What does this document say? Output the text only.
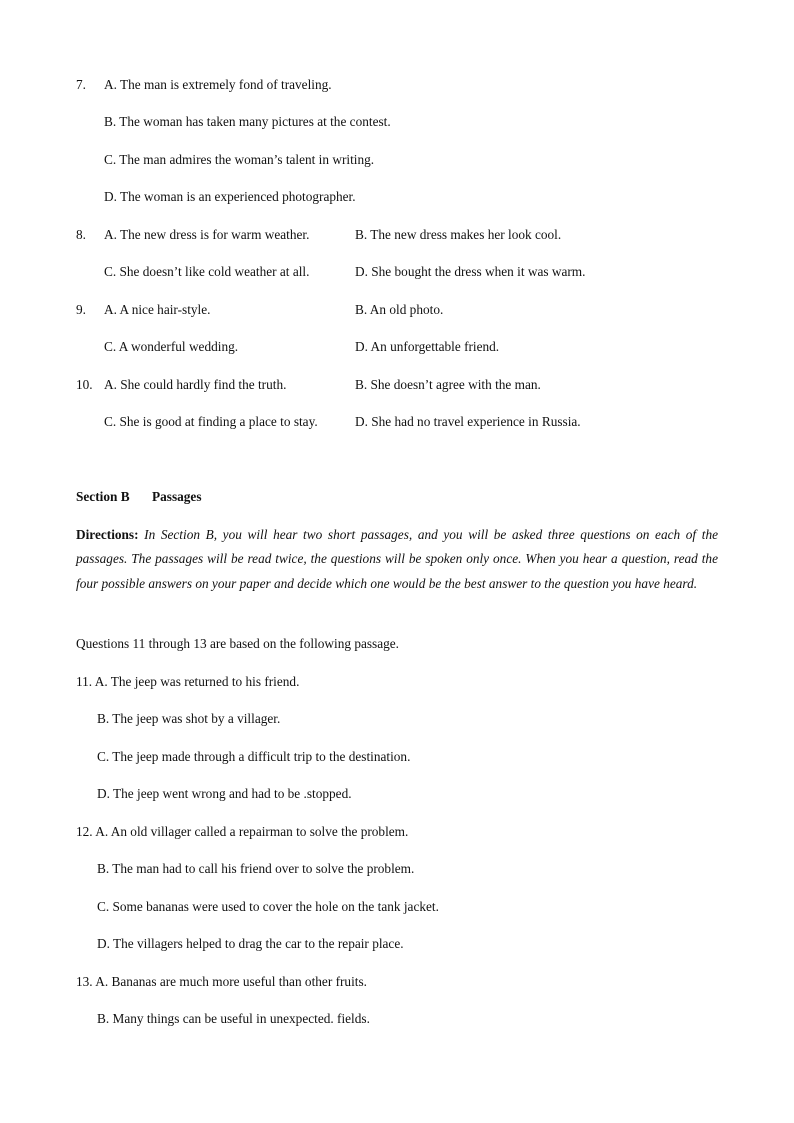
7. A. The man is extremely fond of traveling.
B. The woman has taken many pictures at the contest.
C. The man admires the woman’s talent in writing.
D. The woman is an experienced photographer.
8. A. The new dress is for warm weather.	B. The new dress makes her look cool.
C. She doesn’t like cold weather at all.	D. She bought the dress when it was warm.
9. A. A nice hair-style.	B. An old photo.
C. A wonderful wedding.	D. An unforgettable friend.
10. A. She could hardly find the truth.	B. She doesn’t agree with the man.
C. She is good at finding a place to stay.	D. She had no travel experience in Russia.
Section B Passages
Directions: In Section B, you will hear two short passages, and you will be asked three questions on each of the passages. The passages will be read twice, the questions will be spoken only once. When you hear a question, read the four possible answers on your paper and decide which one would be the best answer to the question you have heard.
Questions 11 through 13 are based on the following passage.
11. A. The jeep was returned to his friend.
B. The jeep was shot by a villager.
C. The jeep made through a difficult trip to the destination.
D. The jeep went wrong and had to be .stopped.
12. A. An old villager called a repairman to solve the problem.
B. The man had to call his friend over to solve the problem.
C. Some bananas were used to cover the hole on the tank jacket.
D. The villagers helped to drag the car to the repair place.
13. A. Bananas are much more useful than other fruits.
B. Many things can be useful in unexpected. fields.
